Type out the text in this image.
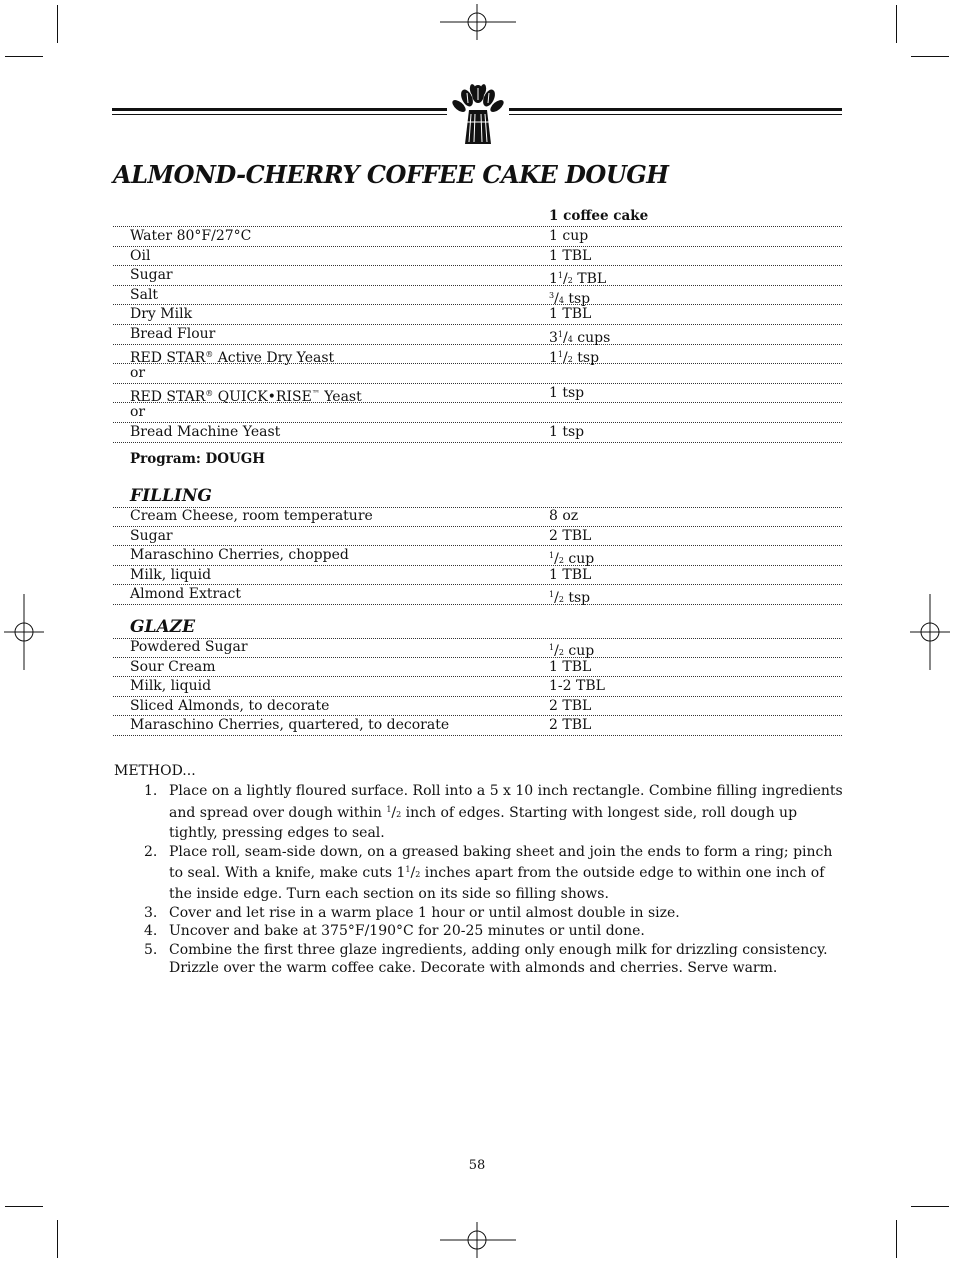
ALMOND-CHERRY COFFEE CAKE DOUGH
1 coffee cake
Water 80°F/27°C	1 cup
Oil	1 TBL
Sugar	$1^1/2$ TBL
Salt	$^3$/4 tsp
Dry Milk	1 TBL
Bread Flour	$3^1/4$ cups
RED STAR® Active Dry Yeast	$1^1/2$ tsp
or
RED STAR® QUICK•RISE™ Yeast	1 tsp
or
Bread Machine Yeast	1 tsp
Program: DOUGH
FILLING
Cream Cheese, room temperature	8 oz
Sugar	2 TBL
Maraschino Cherries, chopped	$^1$/2 cup
Milk, liquid	1 TBL
Almond Extract	$^1$/2 tsp
GLAZE
Powdered Sugar	$^1$/2 cup
Sour Cream	1 TBL
Milk, liquid	1-2 TBL
Sliced Almonds, to decorate	2 TBL
Maraschino Cherries, quartered, to decorate	2 TBL
METHOD...
1. Place on a lightly floured surface. Roll into a 5 x 10 inch rectangle. Combine filling ingredients and spread over dough within $^1$/2 inch of edges. Starting with longest side, roll dough up tightly, pressing edges to seal.
2. Place roll, seam-side down, on a greased baking sheet and join the ends to form a ring; pinch to seal. With a knife, make cuts $1^1/2$ inches apart from the outside edge to within one inch of the inside edge. Turn each section on its side so filling shows.
3. Cover and let rise in a warm place 1 hour or until almost double in size.
4. Uncover and bake at 375°F/190°C for 20-25 minutes or until done.
5. Combine the first three glaze ingredients, adding only enough milk for drizzling consistency. Drizzle over the warm coffee cake. Decorate with almonds and cherries. Serve warm.
58
